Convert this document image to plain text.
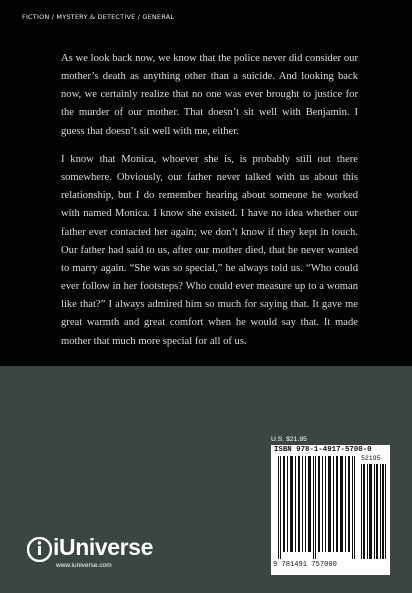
FICTION / MYSTERY & DETECTIVE / GENERAL

As we look back now, we know that the police never did consider our mother’s death as anything other than a suicide. And looking back now, we certainly realize that no one was ever brought to justice for the murder of our mother. That doesn’t sit well with Benjamin. I guess that doesn’t sit well with me, either.

I know that Monica, whoever she is, is probably still out there somewhere. Obviously, our father never talked with us about this relationship, but I do remember hearing about someone he worked with named Monica. I know she existed. I have no idea whether our father ever contacted her again; we don’t know if they kept in touch. Our father had said to us, after our mother died, that he never wanted to marry again. “She was so special,” he always told us. “Who could ever follow in her footsteps? Who could ever measure up to a woman like that?” I always admired him so much for saying that. It gave me great warmth and great comfort when he would say that. It made mother that much more special for all of us.

U.S. $21.95
ISBN 978-1-4917-5700-0
52195
9 781491 757000
iUniverse
www.iuniverse.com
